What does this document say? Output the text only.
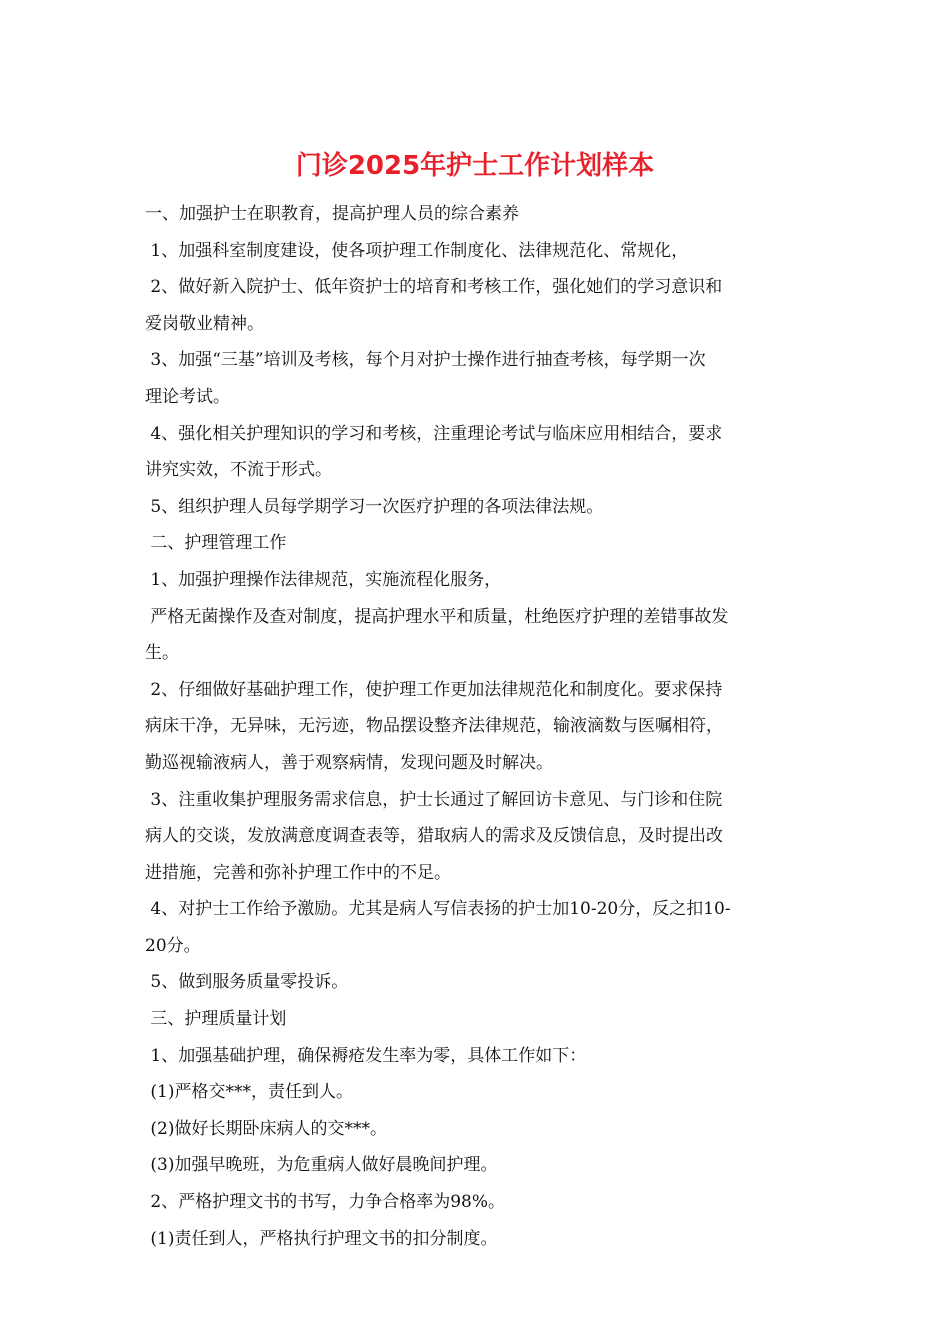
门诊2025年护士工作计划样本
一、加强护士在职教育，提高护理人员的综合素养
1、加强科室制度建设，使各项护理工作制度化、法律规范化、常规化，
2、做好新入院护士、低年资护士的培育和考核工作，强化她们的学习意识和
爱岗敬业精神。
3、加强“三基”培训及考核，每个月对护士操作进行抽查考核，每学期一次
理论考试。
4、强化相关护理知识的学习和考核，注重理论考试与临床应用相结合，要求
讲究实效，不流于形式。
5、组织护理人员每学期学习一次医疗护理的各项法律法规。
二、护理管理工作
1、加强护理操作法律规范，实施流程化服务，
严格无菌操作及查对制度，提高护理水平和质量，杜绝医疗护理的差错事故发
生。
2、仔细做好基础护理工作，使护理工作更加法律规范化和制度化。要求保持
病床干净，无异味，无污迹，物品摆设整齐法律规范，输液滴数与医嘱相符，
勤巡视输液病人，善于观察病情，发现问题及时解决。
3、注重收集护理服务需求信息，护士长通过了解回访卡意见、与门诊和住院
病人的交谈，发放满意度调查表等，猎取病人的需求及反馈信息，及时提出改
进措施，完善和弥补护理工作中的不足。
4、对护士工作给予激励。尤其是病人写信表扬的护士加10-20分，反之扣10-
20分。
5、做到服务质量零投诉。
三、护理质量计划
1、加强基础护理，确保褥疮发生率为零，具体工作如下：
(1)严格交***，责任到人。
(2)做好长期卧床病人的交***。
(3)加强早晚班，为危重病人做好晨晚间护理。
2、严格护理文书的书写，力争合格率为98%。
(1)责任到人，严格执行护理文书的扣分制度。
